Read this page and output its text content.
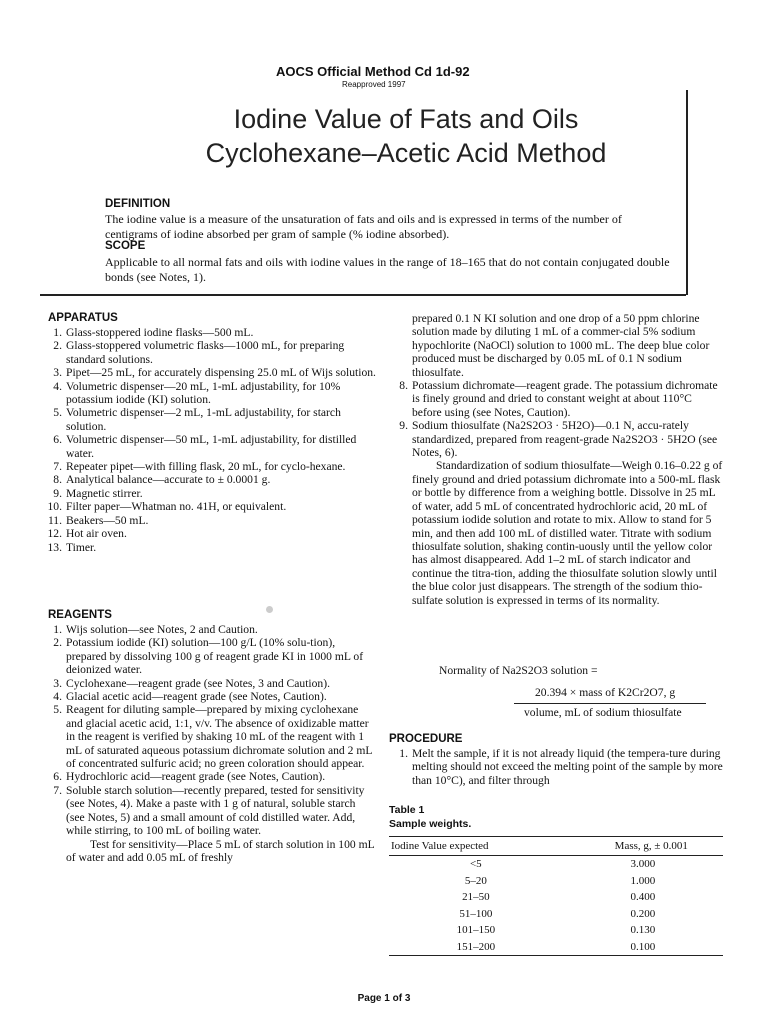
AOCS Official Method Cd 1d-92
Reapproved 1997
Iodine Value of Fats and Oils
Cyclohexane–Acetic Acid Method
DEFINITION
The iodine value is a measure of the unsaturation of fats and oils and is expressed in terms of the number of centigrams of iodine absorbed per gram of sample (% iodine absorbed).
SCOPE
Applicable to all normal fats and oils with iodine values in the range of 18–165 that do not contain conjugated double bonds (see Notes, 1).
APPARATUS
1. Glass-stoppered iodine flasks—500 mL.
2. Glass-stoppered volumetric flasks—1000 mL, for preparing standard solutions.
3. Pipet—25 mL, for accurately dispensing 25.0 mL of Wijs solution.
4. Volumetric dispenser—20 mL, 1-mL adjustability, for 10% potassium iodide (KI) solution.
5. Volumetric dispenser—2 mL, 1-mL adjustability, for starch solution.
6. Volumetric dispenser—50 mL, 1-mL adjustability, for distilled water.
7. Repeater pipet—with filling flask, 20 mL, for cyclo-hexane.
8. Analytical balance—accurate to ± 0.0001 g.
9. Magnetic stirrer.
10. Filter paper—Whatman no. 41H, or equivalent.
11. Beakers—50 mL.
12. Hot air oven.
13. Timer.
REAGENTS
1. Wijs solution—see Notes, 2 and Caution.
2. Potassium iodide (KI) solution—100 g/L (10% solu-tion), prepared by dissolving 100 g of reagent grade KI in 1000 mL of deionized water.
3. Cyclohexane—reagent grade (see Notes, 3 and Caution).
4. Glacial acetic acid—reagent grade (see Notes, Caution).
5. Reagent for diluting sample—prepared by mixing cyclohexane and glacial acetic acid, 1:1, v/v. The absence of oxidizable matter in the reagent is verified by shaking 10 mL of the reagent with 1 mL of saturated aqueous potassium dichromate solution and 2 mL of concentrated sulfuric acid; no green coloration should appear.
6. Hydrochloric acid—reagent grade (see Notes, Caution).
7. Soluble starch solution—recently prepared, tested for sensitivity (see Notes, 4). Make a paste with 1 g of natural, soluble starch (see Notes, 5) and a small amount of cold distilled water. Add, while stirring, to 100 mL of boiling water.
Test for sensitivity—Place 5 mL of starch solution in 100 mL of water and add 0.05 mL of freshly
prepared 0.1 N KI solution and one drop of a 50 ppm chlorine solution made by diluting 1 mL of a commer-cial 5% sodium hypochlorite (NaOCl) solution to 1000 mL. The deep blue color produced must be discharged by 0.05 mL of 0.1 N sodium thiosulfate.
8. Potassium dichromate—reagent grade. The potassium dichromate is finely ground and dried to constant weight at about 110°C before using (see Notes, Caution).
9. Sodium thiosulfate (Na2S2O3 · 5H2O)—0.1 N, accu-rately standardized, prepared from reagent-grade Na2S2O3 · 5H2O (see Notes, 6).
Standardization of sodium thiosulfate—Weigh 0.16–0.22 g of finely ground and dried potassium dichromate into a 500-mL flask or bottle by difference from a weighing bottle. Dissolve in 25 mL of water, add 5 mL of concentrated hydrochloric acid, 20 mL of potassium iodide solution and rotate to mix. Allow to stand for 5 min, and then add 100 mL of distilled water. Titrate with sodium thiosulfate solution, shaking contin-uously until the yellow color has almost disappeared. Add 1–2 mL of starch indicator and continue the titra-tion, adding the thiosulfate solution slowly until the blue color just disappears. The strength of the sodium thio-sulfate solution is expressed in terms of its normality.
Normality of Na2S2O3 solution =
20.394 × mass of K2Cr2O7, g
volume, mL of sodium thiosulfate
PROCEDURE
1. Melt the sample, if it is not already liquid (the tempera-ture during melting should not exceed the melting point of the sample by more than 10°C), and filter through
Table 1
Sample weights.
Iodine Value expected	Mass, g, ± 0.001
<5	3.000
5–20	1.000
21–50	0.400
51–100	0.200
101–150	0.130
151–200	0.100
Page 1 of 3
